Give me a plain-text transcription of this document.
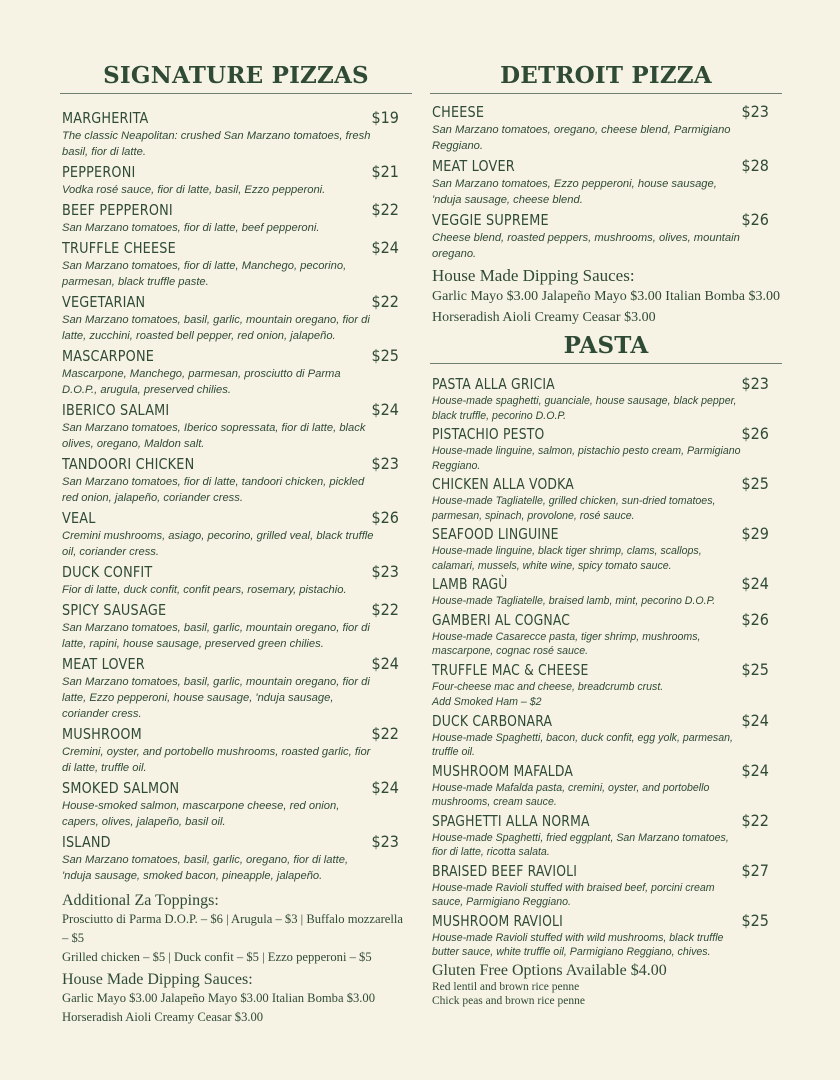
SIGNATURE PIZZAS
MARGHERITA	$19
The classic Neapolitan: crushed San Marzano tomatoes, fresh basil, fior di latte.
PEPPERONI	$21
Vodka rosé sauce, fior di latte, basil, Ezzo pepperoni.
BEEF PEPPERONI	$22
San Marzano tomatoes, fior di latte, beef pepperoni.
TRUFFLE CHEESE	$24
San Marzano tomatoes, fior di latte, Manchego, pecorino, parmesan, black truffle paste.
VEGETARIAN	$22
San Marzano tomatoes, basil, garlic, mountain oregano, fior di latte, zucchini, roasted bell pepper, red onion, jalapeño.
MASCARPONE	$25
Mascarpone, Manchego, parmesan, prosciutto di Parma D.O.P., arugula, preserved chilies.
IBERICO SALAMI	$24
San Marzano tomatoes, Iberico sopressata, fior di latte, black olives, oregano, Maldon salt.
TANDOORI CHICKEN	$23
San Marzano tomatoes, fior di latte, tandoori chicken, pickled red onion, jalapeño, coriander cress.
VEAL	$26
Cremini mushrooms, asiago, pecorino, grilled veal, black truffle oil, coriander cress.
DUCK CONFIT	$23
Fior di latte, duck confit, confit pears, rosemary, pistachio.
SPICY SAUSAGE	$22
San Marzano tomatoes, basil, garlic, mountain oregano, fior di latte, rapini, house sausage, preserved green chilies.
MEAT LOVER	$24
San Marzano tomatoes, basil, garlic, mountain oregano, fior di latte, Ezzo pepperoni, house sausage, 'nduja sausage, coriander cress.
MUSHROOM	$22
Cremini, oyster, and portobello mushrooms, roasted garlic, fior di latte, truffle oil.
SMOKED SALMON	$24
House-smoked salmon, mascarpone cheese, red onion, capers, olives, jalapeño, basil oil.
ISLAND	$23
San Marzano tomatoes, basil, garlic, oregano, fior di latte, 'nduja sausage, smoked bacon, pineapple, jalapeño.
Additional Za Toppings:
Prosciutto di Parma D.O.P. – $6 | Arugula – $3 | Buffalo mozzarella – $5
Grilled chicken – $5 | Duck confit – $5 | Ezzo pepperoni – $5
House Made Dipping Sauces:
Garlic Mayo $3.00 Jalapeño Mayo $3.00 Italian Bomba $3.00 Horseradish Aioli Creamy Ceasar $3.00
DETROIT PIZZA
CHEESE	$23
San Marzano tomatoes, oregano, cheese blend, Parmigiano Reggiano.
MEAT LOVER	$28
San Marzano tomatoes, Ezzo pepperoni, house sausage, 'nduja sausage, cheese blend.
VEGGIE SUPREME	$26
Cheese blend, roasted peppers, mushrooms, olives, mountain oregano.
House Made Dipping Sauces:
Garlic Mayo $3.00 Jalapeño Mayo $3.00 Italian Bomba $3.00 Horseradish Aioli Creamy Ceasar $3.00
PASTA
PASTA ALLA GRICIA	$23
House-made spaghetti, guanciale, house sausage, black pepper, black truffle, pecorino D.O.P.
PISTACHIO PESTO	$26
House-made linguine, salmon, pistachio pesto cream, Parmigiano Reggiano.
CHICKEN ALLA VODKA	$25
House-made Tagliatelle, grilled chicken, sun-dried tomatoes, parmesan, spinach, provolone, rosé sauce.
SEAFOOD LINGUINE	$29
House-made linguine, black tiger shrimp, clams, scallops, calamari, mussels, white wine, spicy tomato sauce.
LAMB RAGÙ	$24
House-made Tagliatelle, braised lamb, mint, pecorino D.O.P.
GAMBERI AL COGNAC	$26
House-made Casarecce pasta, tiger shrimp, mushrooms, mascarpone, cognac rosé sauce.
TRUFFLE MAC & CHEESE	$25
Four-cheese mac and cheese, breadcrumb crust.
Add Smoked Ham – $2
DUCK CARBONARA	$24
House-made Spaghetti, bacon, duck confit, egg yolk, parmesan, truffle oil.
MUSHROOM MAFALDA	$24
House-made Mafalda pasta, cremini, oyster, and portobello mushrooms, cream sauce.
SPAGHETTI ALLA NORMA	$22
House-made Spaghetti, fried eggplant, San Marzano tomatoes, fior di latte, ricotta salata.
BRAISED BEEF RAVIOLI	$27
House-made Ravioli stuffed with braised beef, porcini cream sauce, Parmigiano Reggiano.
MUSHROOM RAVIOLI	$25
House-made Ravioli stuffed with wild mushrooms, black truffle butter sauce, white truffle oil, Parmigiano Reggiano, chives.
Gluten Free Options Available $4.00
Red lentil and brown rice penne
Chick peas and brown rice penne
